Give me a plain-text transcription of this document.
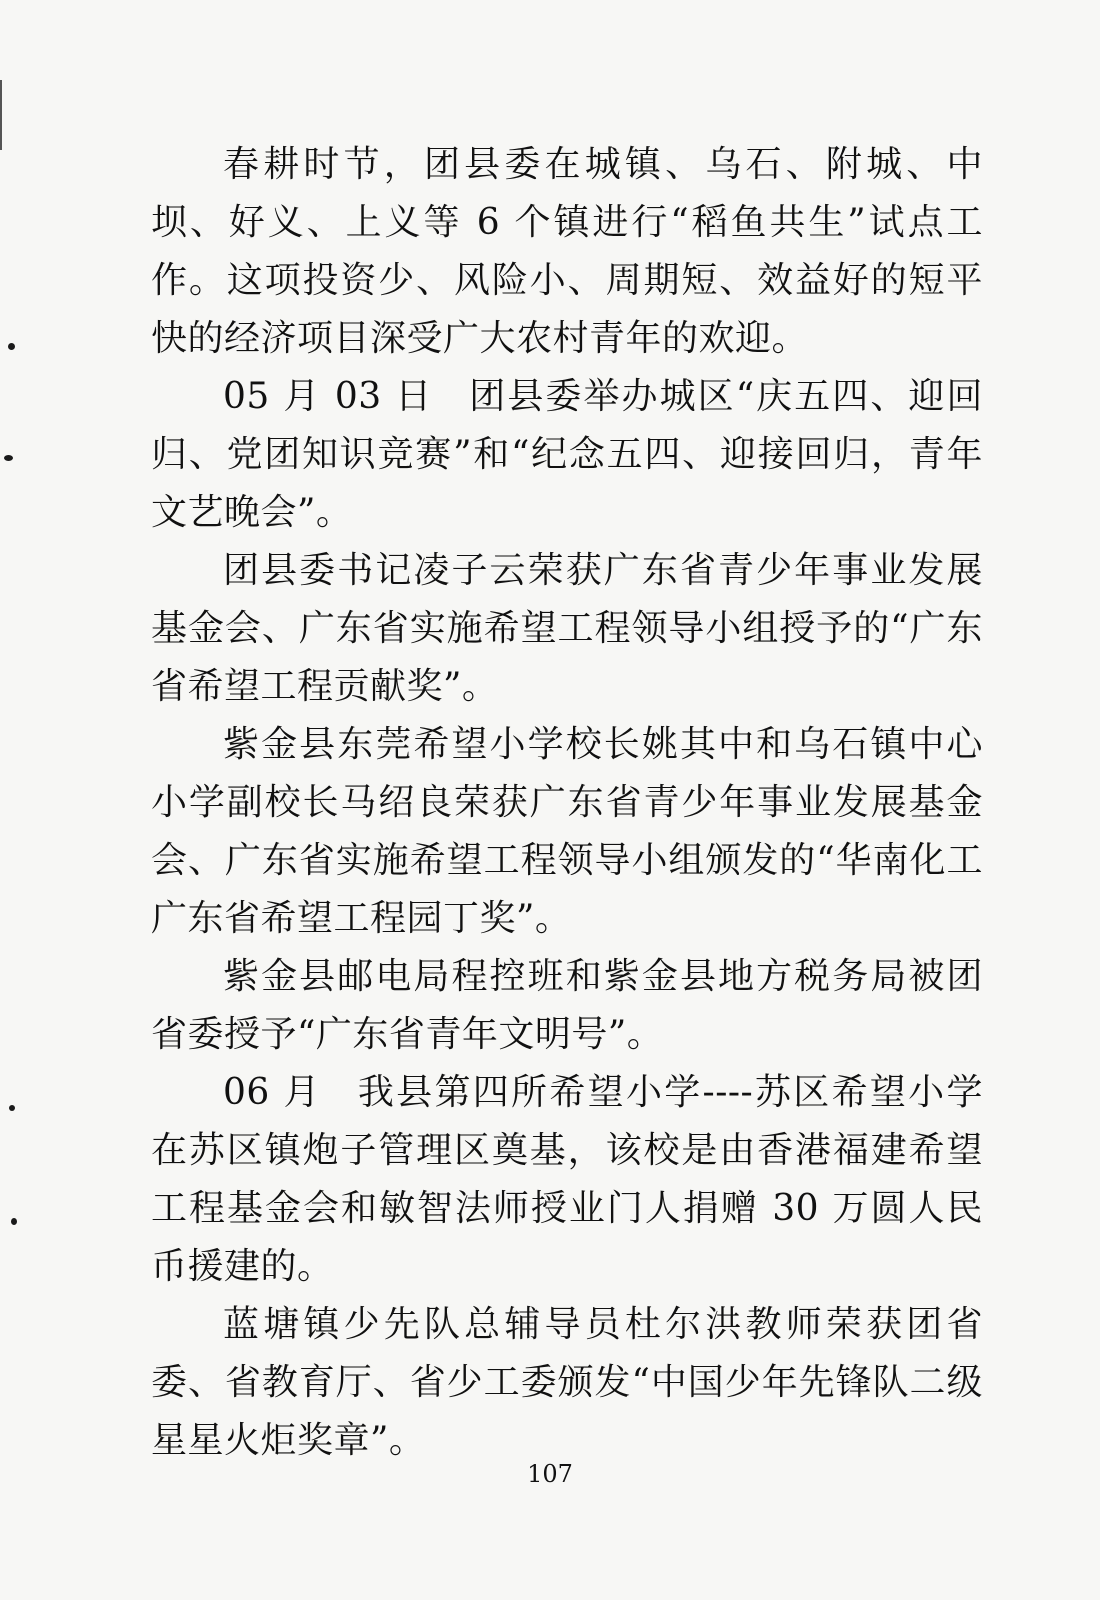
春耕时节，团县委在城镇、乌石、附城、中坝、好义、上义等 6 个镇进行“稻鱼共生”试点工作。这项投资少、风险小、周期短、效益好的短平快的经济项目深受广大农村青年的欢迎。

05 月 03 日 团县委举办城区“庆五四、迎回归、党团知识竞赛”和“纪念五四、迎接回归，青年文艺晚会”。

团县委书记凌子云荣获广东省青少年事业发展基金会、广东省实施希望工程领导小组授予的“广东省希望工程贡献奖”。

紫金县东莞希望小学校长姚其中和乌石镇中心小学副校长马绍良荣获广东省青少年事业发展基金会、广东省实施希望工程领导小组颁发的“华南化工广东省希望工程园丁奖”。

紫金县邮电局程控班和紫金县地方税务局被团省委授予“广东省青年文明号”。

06 月 我县第四所希望小学----苏区希望小学在苏区镇炮子管理区奠基，该校是由香港福建希望工程基金会和敏智法师授业门人捐赠 30 万圆人民币援建的。

蓝塘镇少先队总辅导员杜尔洪教师荣获团省委、省教育厅、省少工委颁发“中国少年先锋队二级星星火炬奖章”。

107
